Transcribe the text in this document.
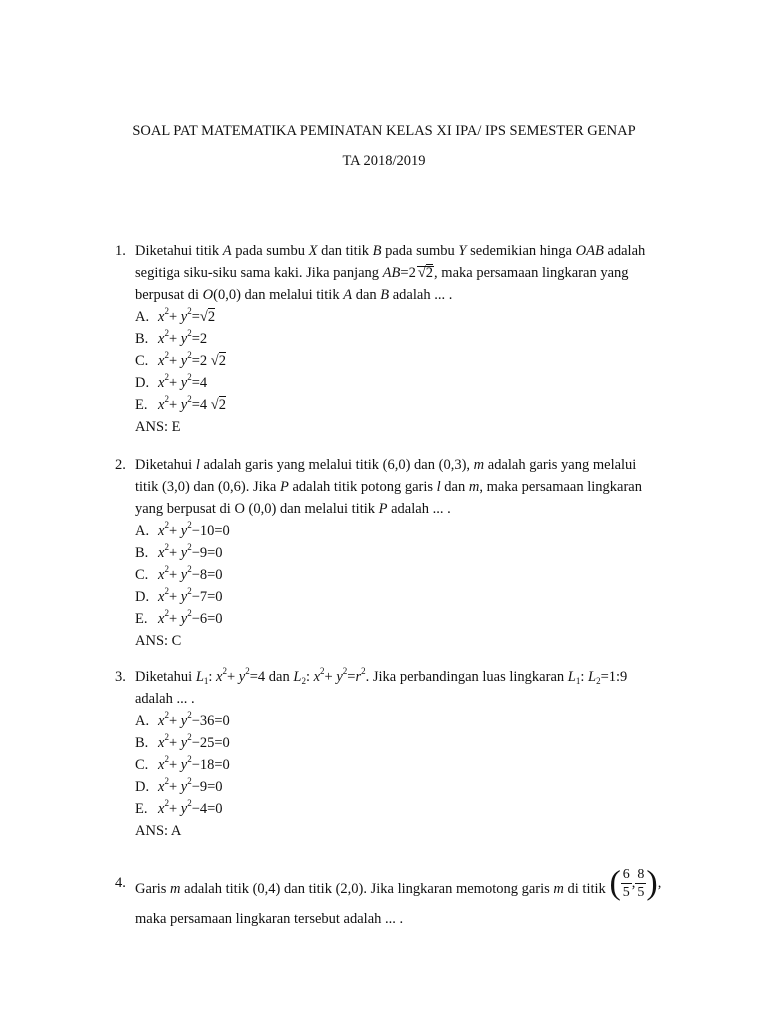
SOAL PAT MATEMATIKA PEMINATAN KELAS XI IPA/ IPS SEMESTER GENAP
TA 2018/2019
1. Diketahui titik A pada sumbu X dan titik B pada sumbu Y sedemikian hinga OAB adalah
segitiga siku-siku sama kaki. Jika panjang AB=2 √2, maka persamaan lingkaran yang
berpusat di O(0,0) dan melalui titik A dan B adalah ... .
A. $x^2+ y^2=√2$
B. $x^2+ y^2=2$
C. $x^2+ y^2=2$ √2
D. $x^2+ y^2=4$
E. $x^2+ y^2=4$ √2
ANS: E
2. Diketahui l adalah garis yang melalui titik (6,0) dan (0,3), m adalah garis yang melalui
titik (3,0) dan (0,6). Jika P adalah titik potong garis l dan m, maka persamaan lingkaran
yang berpusat di O (0,0) dan melalui titik P adalah ... .
A. $x^2+ y^2-10=0$
B. $x^2+ y^2-9=0$
C. $x^2+ y^2-8=0$
D. $x^2+ y^2-7=0$
E. $x^2+ y^2-6=0$
ANS: C
3. Diketahui $L_1$: $x^2+ y^2=4$ dan $L_2$: $x^2+ y^2=r^2$. Jika perbandingan luas lingkaran $L_1$: $L_2=1:9$
adalah ... .
A. $x^2+ y^2-36=0$
B. $x^2+ y^2-25=0$
C. $x^2+ y^2-18=0$
D. $x^2+ y^2-9=0$
E. $x^2+ y^2-4=0$
ANS: A
4. Garis m adalah titik (0,4) dan titik (2,0). Jika lingkaran memotong garis m di titik ( $\frac{6}{5}$ , $\frac{8}{5}$ ),
maka persamaan lingkaran tersebut adalah ... .
